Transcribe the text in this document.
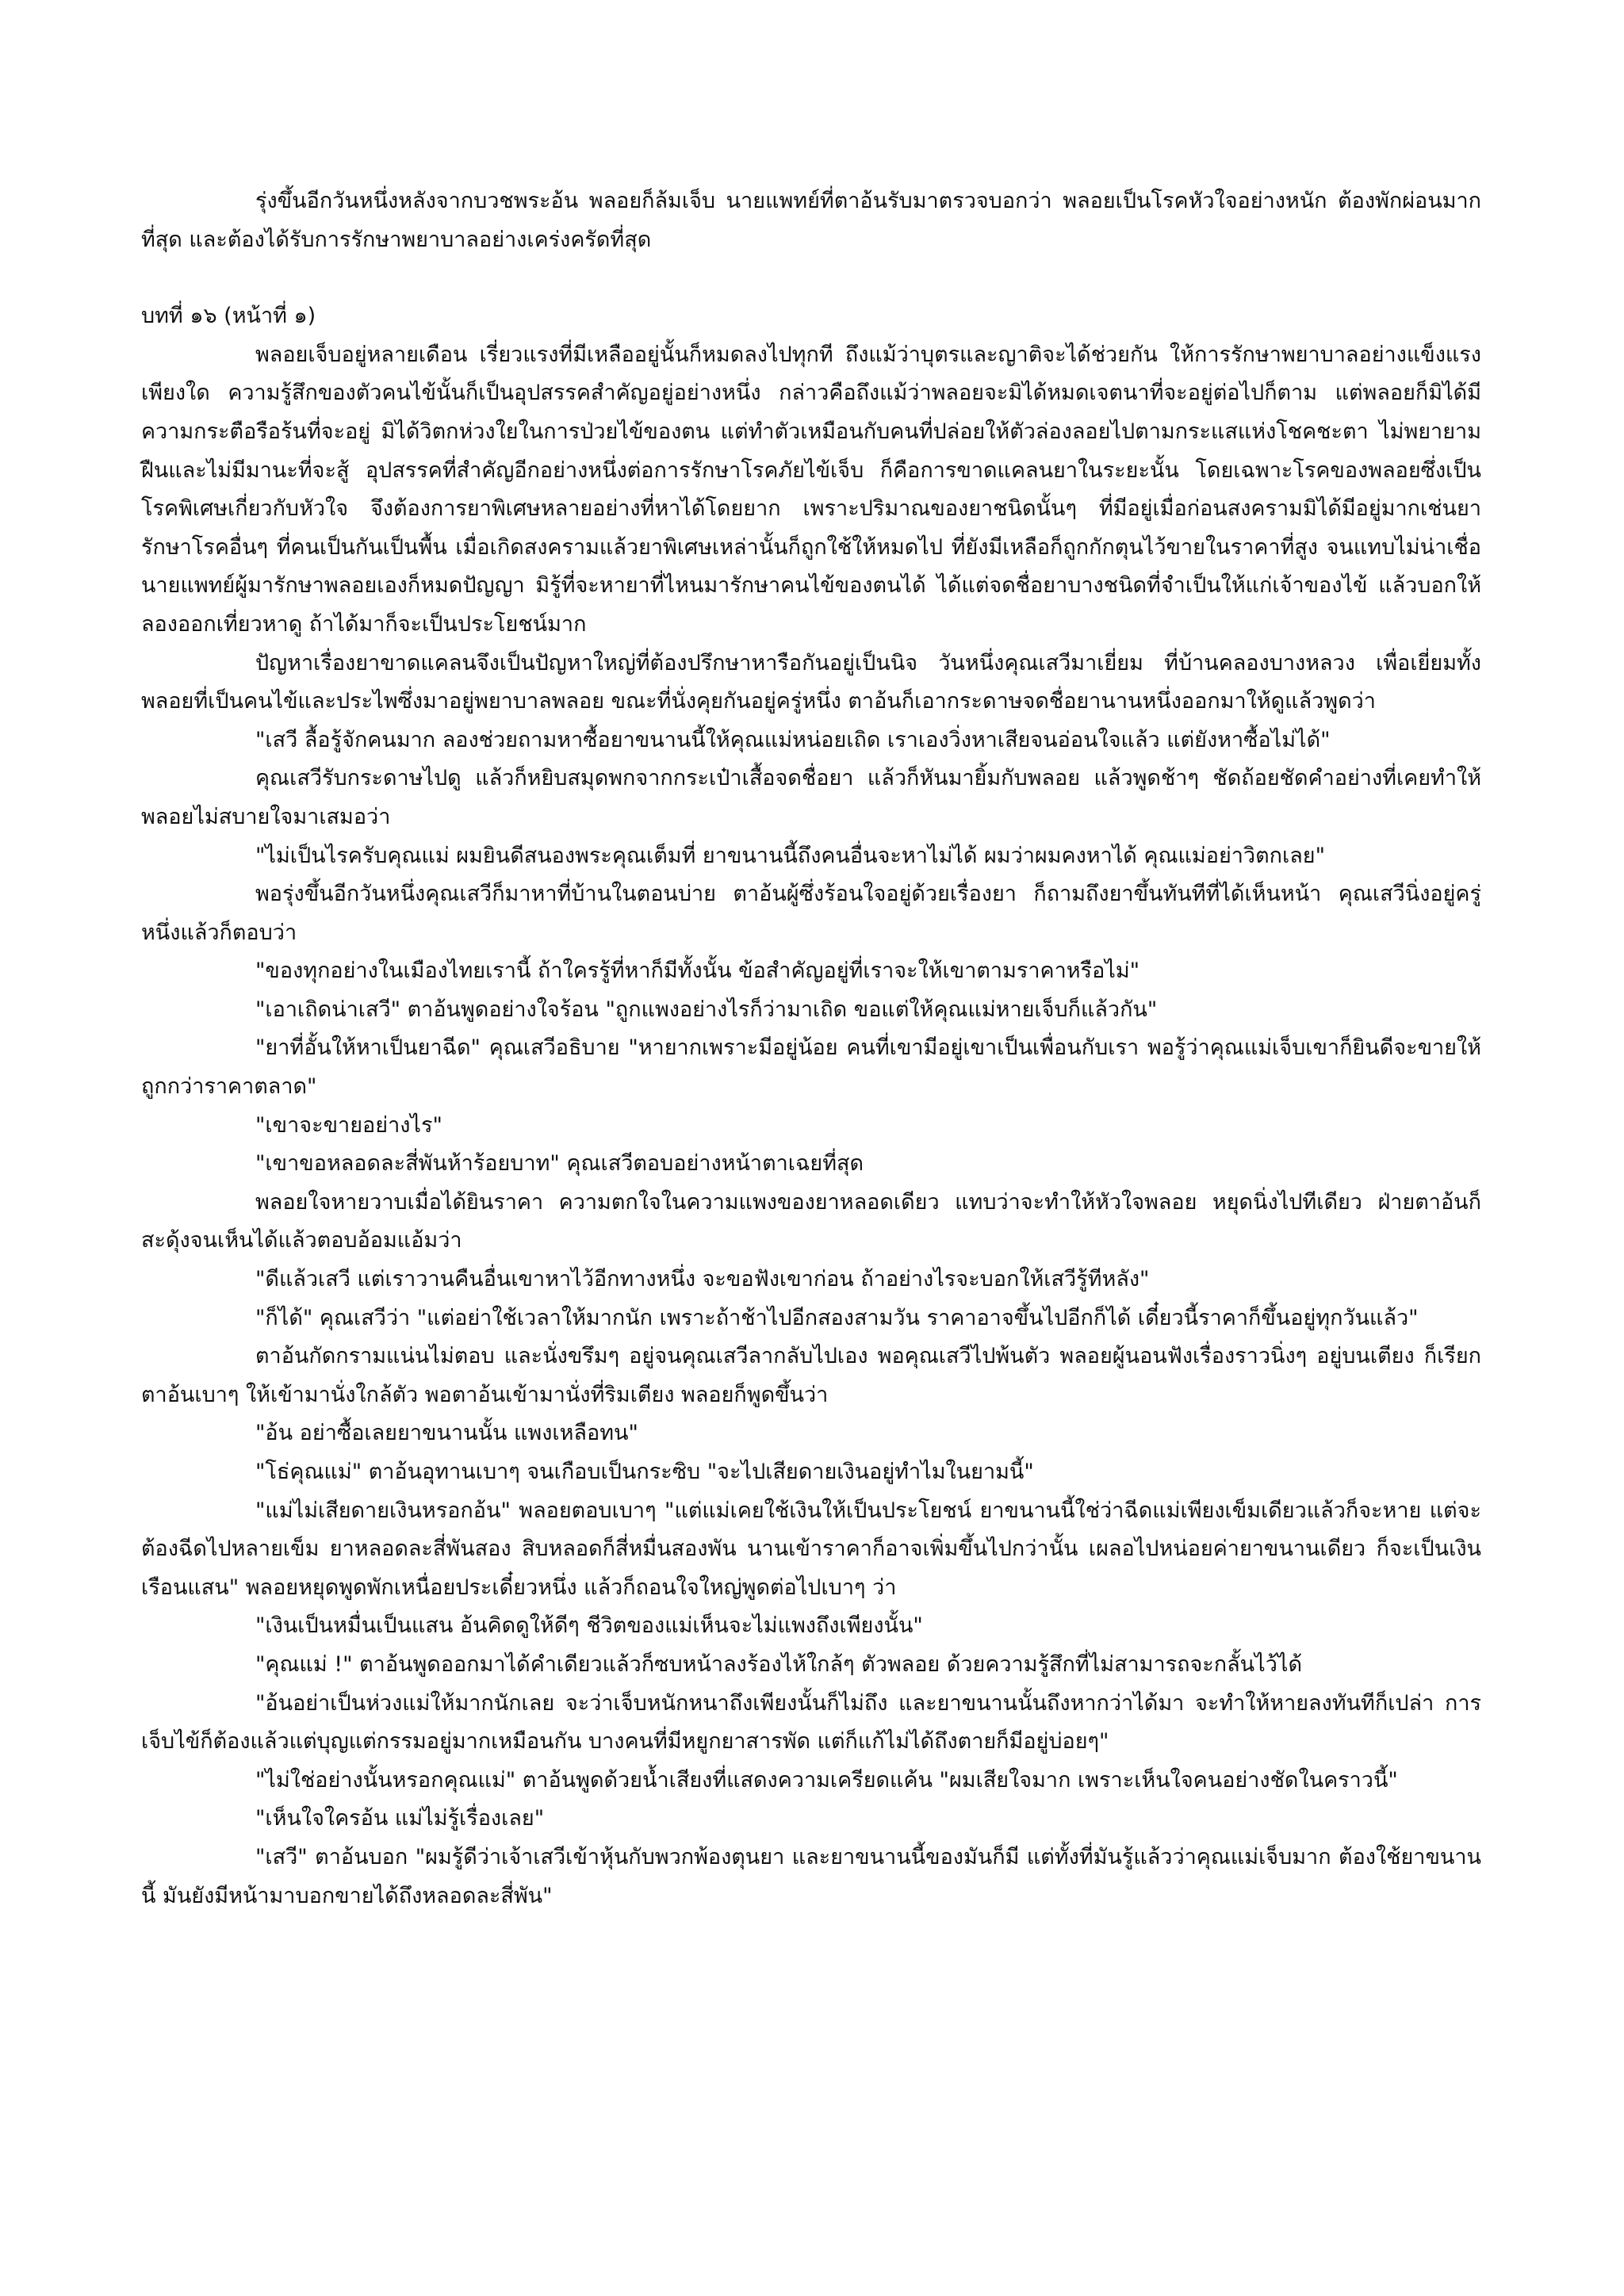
รุ่งขึ้นอีกวันหนึ่งหลังจากบวชพระอ้น พลอยก็ล้มเจ็บ นายแพทย์ที่ตาอ้นรับมาตรวจบอกว่า พลอยเป็นโรคหัวใจอย่างหนัก ต้องพักผ่อนมากที่สุด และต้องได้รับการรักษาพยาบาลอย่างเคร่งครัดที่สุด

บทที่ ๑๖ (หน้าที่ ๑)

พลอยเจ็บอยู่หลายเดือน เรี่ยวแรงที่มีเหลืออยู่นั้นก็หมดลงไปทุกที ถึงแม้ว่าบุตรและญาติจะได้ช่วยกัน ให้การรักษาพยาบาลอย่างแข็งแรงเพียงใด ความรู้สึกของตัวคนไข้นั้นก็เป็นอุปสรรคสำคัญอยู่อย่างหนึ่ง กล่าวคือถึงแม้ว่าพลอยจะมิได้หมดเจตนาที่จะอยู่ต่อไปก็ตาม แต่พลอยก็มิได้มีความกระตือรือร้นที่จะอยู่ มิได้วิตกห่วงใยในการป่วยไข้ของตน แต่ทำตัวเหมือนกับคนที่ปล่อยให้ตัวล่องลอยไปตามกระแสแห่งโชคชะตา ไม่พยายามฝืนและไม่มีมานะที่จะสู้ อุปสรรคที่สำคัญอีกอย่างหนึ่งต่อการรักษาโรคภัยไข้เจ็บ ก็คือการขาดแคลนยาในระยะนั้น โดยเฉพาะโรคของพลอยซึ่งเป็นโรคพิเศษเกี่ยวกับหัวใจ จึงต้องการยาพิเศษหลายอย่างที่หาได้โดยยาก เพราะปริมาณของยาชนิดนั้นๆ ที่มีอยู่เมื่อก่อนสงครามมิได้มีอยู่มากเช่นยารักษาโรคอื่นๆ ที่คนเป็นกันเป็นพื้น เมื่อเกิดสงครามแล้วยาพิเศษเหล่านั้นก็ถูกใช้ให้หมดไป ที่ยังมีเหลือก็ถูกกักตุนไว้ขายในราคาที่สูง จนแทบไม่น่าเชื่อ นายแพทย์ผู้มารักษาพลอยเองก็หมดปัญญา มิรู้ที่จะหายาที่ไหนมารักษาคนไข้ของตนได้ ได้แต่จดชื่อยาบางชนิดที่จำเป็นให้แก่เจ้าของไข้ แล้วบอกให้ลองออกเที่ยวหาดู ถ้าได้มาก็จะเป็นประโยชน์มาก

ปัญหาเรื่องยาขาดแคลนจึงเป็นปัญหาใหญ่ที่ต้องปรึกษาหารือกันอยู่เป็นนิจ วันหนึ่งคุณเสวีมาเยี่ยม ที่บ้านคลองบางหลวง เพื่อเยี่ยมทั้งพลอยที่เป็นคนไข้และประไพซึ่งมาอยู่พยาบาลพลอย ขณะที่นั่งคุยกันอยู่ครู่หนึ่ง ตาอ้นก็เอากระดาษจดชื่อยานานหนึ่งออกมาให้ดูแล้วพูดว่า

"เสวี ลื้อรู้จักคนมาก ลองช่วยถามหาซื้อยาขนานนี้ให้คุณแม่หน่อยเถิด เราเองวิ่งหาเสียจนอ่อนใจแล้ว แต่ยังหาซื้อไม่ได้"

คุณเสวีรับกระดาษไปดู แล้วก็หยิบสมุดพกจากกระเป๋าเสื้อจดชื่อยา แล้วก็หันมายิ้มกับพลอย แล้วพูดช้าๆ ชัดถ้อยชัดคำอย่างที่เคยทำให้พลอยไม่สบายใจมาเสมอว่า

"ไม่เป็นไรครับคุณแม่ ผมยินดีสนองพระคุณเต็มที่ ยาขนานนี้ถึงคนอื่นจะหาไม่ได้ ผมว่าผมคงหาได้ คุณแม่อย่าวิตกเลย"

พอรุ่งขึ้นอีกวันหนึ่งคุณเสวีก็มาหาที่บ้านในตอนบ่าย ตาอ้นผู้ซึ่งร้อนใจอยู่ด้วยเรื่องยา ก็ถามถึงยาขึ้นทันทีที่ได้เห็นหน้า คุณเสวีนิ่งอยู่ครู่หนึ่งแล้วก็ตอบว่า

"ของทุกอย่างในเมืองไทยเรานี้ ถ้าใครรู้ที่หาก็มีทั้งนั้น ข้อสำคัญอยู่ที่เราจะให้เขาตามราคาหรือไม่"

"เอาเถิดน่าเสวี" ตาอ้นพูดอย่างใจร้อน "ถูกแพงอย่างไรก็ว่ามาเถิด ขอแต่ให้คุณแม่หายเจ็บก็แล้วกัน"

"ยาที่อั้นให้หาเป็นยาฉีด" คุณเสวีอธิบาย "หายากเพราะมีอยู่น้อย คนที่เขามีอยู่เขาเป็นเพื่อนกับเรา พอรู้ว่าคุณแม่เจ็บเขาก็ยินดีจะขายให้ถูกกว่าราคาตลาด"

"เขาจะขายอย่างไร"

"เขาขอหลอดละสี่พันห้าร้อยบาท" คุณเสวีตอบอย่างหน้าตาเฉยที่สุด

พลอยใจหายวาบเมื่อได้ยินราคา ความตกใจในความแพงของยาหลอดเดียว แทบว่าจะทำให้หัวใจพลอย หยุดนิ่งไปทีเดียว ฝ่ายตาอ้นก็สะดุ้งจนเห็นได้แล้วตอบอ้อมแอ้มว่า

"ดีแล้วเสวี แต่เราวานคืนอื่นเขาหาไว้อีกทางหนึ่ง จะขอฟังเขาก่อน ถ้าอย่างไรจะบอกให้เสวีรู้ทีหลัง"

"ก็ได้" คุณเสวีว่า "แต่อย่าใช้เวลาให้มากนัก เพราะถ้าช้าไปอีกสองสามวัน ราคาอาจขึ้นไปอีกก็ได้ เดี๋ยวนี้ราคาก็ขึ้นอยู่ทุกวันแล้ว"

ตาอ้นกัดกรามแน่นไม่ตอบ และนั่งขรึมๆ อยู่จนคุณเสวีลากลับไปเอง พอคุณเสวีไปพ้นตัว พลอยผู้นอนฟังเรื่องราวนิ่งๆ อยู่บนเตียง ก็เรียกตาอ้นเบาๆ ให้เข้ามานั่งใกล้ตัว พอตาอ้นเข้ามานั่งที่ริมเตียง พลอยก็พูดขึ้นว่า

"อ้น อย่าซื้อเลยยาขนานนั้น แพงเหลือทน"

"โธ่คุณแม่" ตาอ้นอุทานเบาๆ จนเกือบเป็นกระซิบ "จะไปเสียดายเงินอยู่ทำไมในยามนี้"

"แม่ไม่เสียดายเงินหรอกอ้น" พลอยตอบเบาๆ "แต่แม่เคยใช้เงินให้เป็นประโยชน์ ยาขนานนี้ใช่ว่าฉีดแม่เพียงเข็มเดียวแล้วก็จะหาย แต่จะต้องฉีดไปหลายเข็ม ยาหลอดละสี่พันสอง สิบหลอดก็สี่หมื่นสองพัน นานเข้าราคาก็อาจเพิ่มขึ้นไปกว่านั้น เผลอไปหน่อยค่ายาขนานเดียว ก็จะเป็นเงินเรือนแสน" พลอยหยุดพูดพักเหนื่อยประเดี๋ยวหนึ่ง แล้วก็ถอนใจใหญ่พูดต่อไปเบาๆ ว่า

"เงินเป็นหมื่นเป็นแสน อ้นคิดดูให้ดีๆ ชีวิตของแม่เห็นจะไม่แพงถึงเพียงนั้น"

"คุณแม่ !" ตาอ้นพูดออกมาได้คำเดียวแล้วก็ซบหน้าลงร้องไห้ใกล้ๆ ตัวพลอย ด้วยความรู้สึกที่ไม่สามารถจะกลั้นไว้ได้

"อ้นอย่าเป็นห่วงแม่ให้มากนักเลย จะว่าเจ็บหนักหนาถึงเพียงนั้นก็ไม่ถึง และยาขนานนั้นถึงหากว่าได้มา จะทำให้หายลงทันทีก็เปล่า การเจ็บไข้ก็ต้องแล้วแต่บุญแต่กรรมอยู่มากเหมือนกัน บางคนที่มีหยูกยาสารพัด แต่ก็แก้ไม่ได้ถึงตายก็มีอยู่บ่อยๆ"

"ไม่ใช่อย่างนั้นหรอกคุณแม่" ตาอ้นพูดด้วยน้ำเสียงที่แสดงความเครียดแค้น "ผมเสียใจมาก เพราะเห็นใจคนอย่างชัดในคราวนี้"

"เห็นใจใครอ้น แม่ไม่รู้เรื่องเลย"

"เสวี" ตาอ้นบอก "ผมรู้ดีว่าเจ้าเสวีเข้าหุ้นกับพวกพ้องตุนยา และยาขนานนี้ของมันก็มี แต่ทั้งที่มันรู้แล้วว่าคุณแม่เจ็บมาก ต้องใช้ยาขนานนี้ มันยังมีหน้ามาบอกขายได้ถึงหลอดละสี่พัน"
